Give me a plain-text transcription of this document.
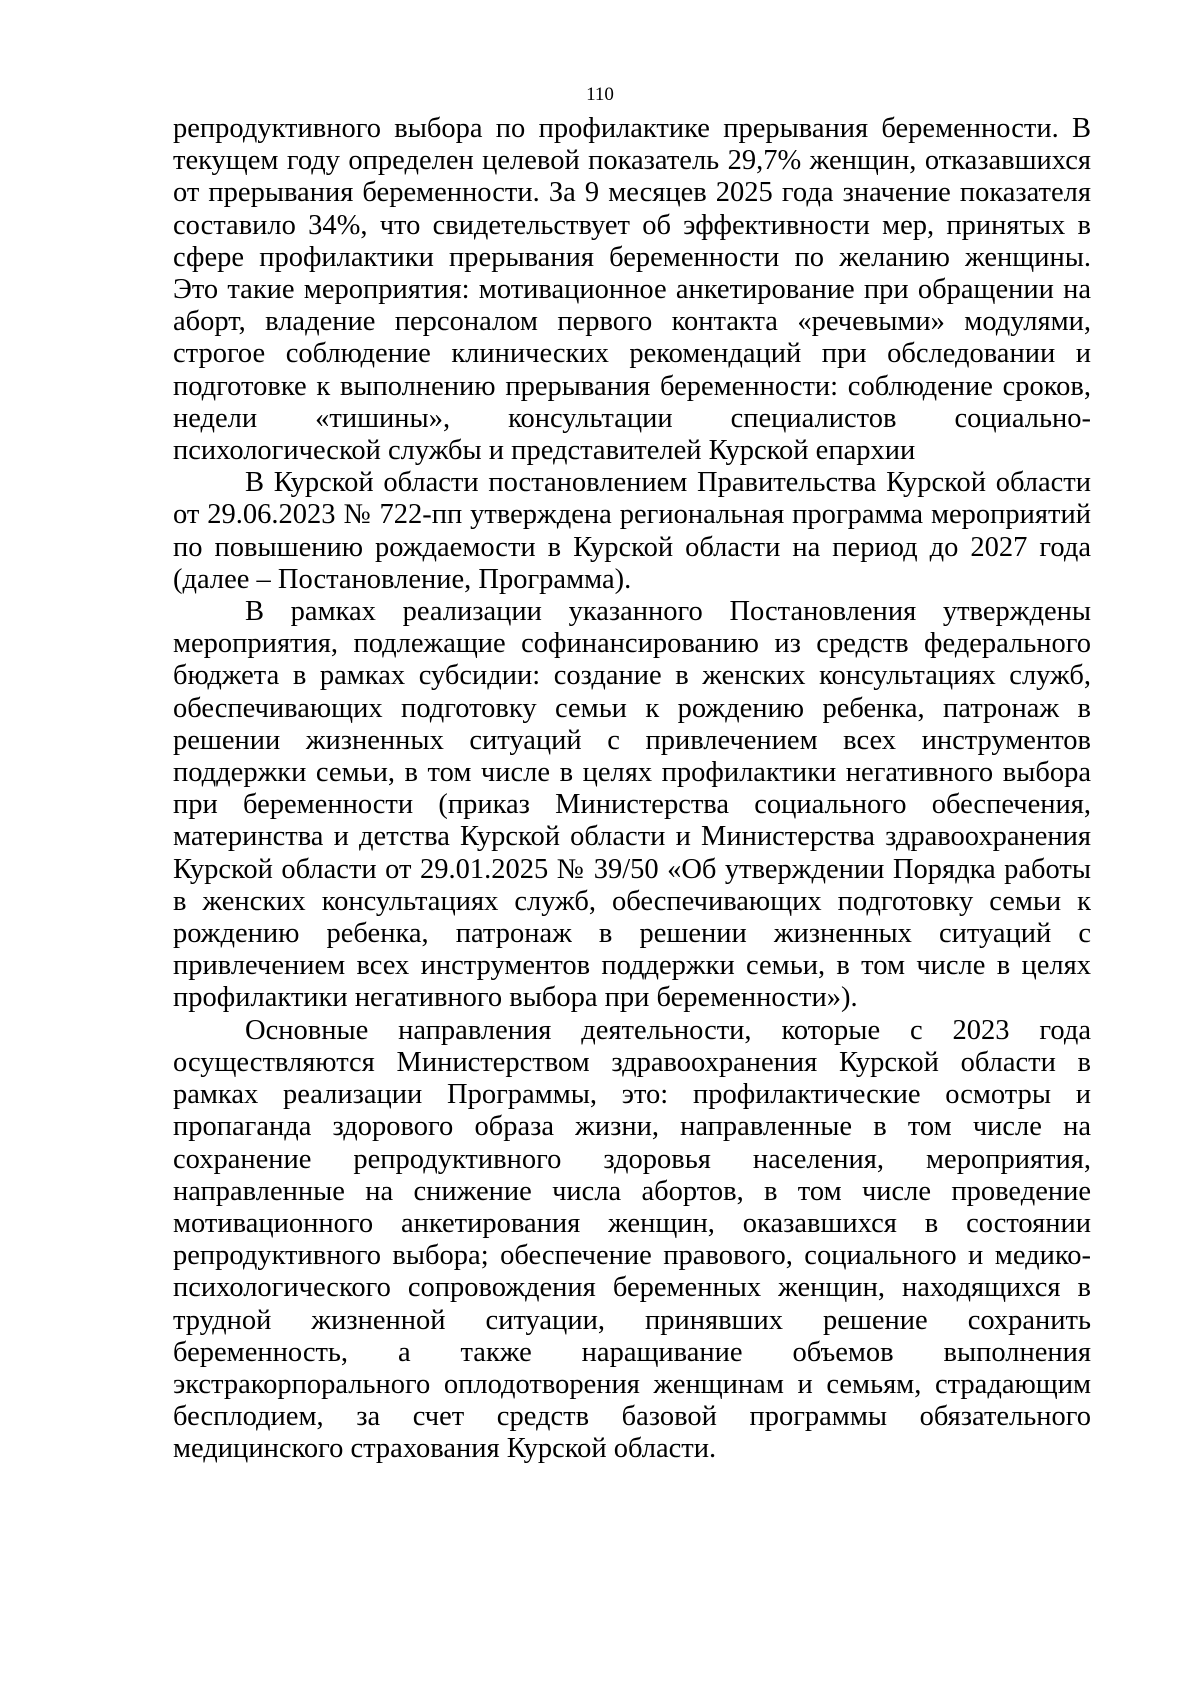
110

репродуктивного выбора по профилактике прерывания беременности. В текущем году определен целевой показатель 29,7% женщин, отказавшихся от прерывания беременности. За 9 месяцев 2025 года значение показателя составило 34%, что свидетельствует об эффективности мер, принятых в сфере профилактики прерывания беременности по желанию женщины. Это такие мероприятия: мотивационное анкетирование при обращении на аборт, владение персоналом первого контакта «речевыми» модулями, строгое соблюдение клинических рекомендаций при обследовании и подготовке к выполнению прерывания беременности: соблюдение сроков, недели «тишины», консультации специалистов социально-психологической службы и представителей Курской епархии

В Курской области постановлением Правительства Курской области от 29.06.2023 № 722-пп утверждена региональная программа мероприятий по повышению рождаемости в Курской области на период до 2027 года (далее – Постановление, Программа).

В рамках реализации указанного Постановления утверждены мероприятия, подлежащие софинансированию из средств федерального бюджета в рамках субсидии: создание в женских консультациях служб, обеспечивающих подготовку семьи к рождению ребенка, патронаж в решении жизненных ситуаций с привлечением всех инструментов поддержки семьи, в том числе в целях профилактики негативного выбора при беременности (приказ Министерства социального обеспечения, материнства и детства Курской области и Министерства здравоохранения Курской области от 29.01.2025 № 39/50 «Об утверждении Порядка работы в женских консультациях служб, обеспечивающих подготовку семьи к рождению ребенка, патронаж в решении жизненных ситуаций с привлечением всех инструментов поддержки семьи, в том числе в целях профилактики негативного выбора при беременности»).

Основные направления деятельности, которые с 2023 года осуществляются Министерством здравоохранения Курской области в рамках реализации Программы, это: профилактические осмотры и пропаганда здорового образа жизни, направленные в том числе на сохранение репродуктивного здоровья населения, мероприятия, направленные на снижение числа абортов, в том числе проведение мотивационного анкетирования женщин, оказавшихся в состоянии репродуктивного выбора; обеспечение правового, социального и медико-психологического сопровождения беременных женщин, находящихся в трудной жизненной ситуации, принявших решение сохранить беременность, а также наращивание объемов выполнения экстракорпорального оплодотворения женщинам и семьям, страдающим бесплодием, за счет средств базовой программы обязательного медицинского страхования Курской области.
